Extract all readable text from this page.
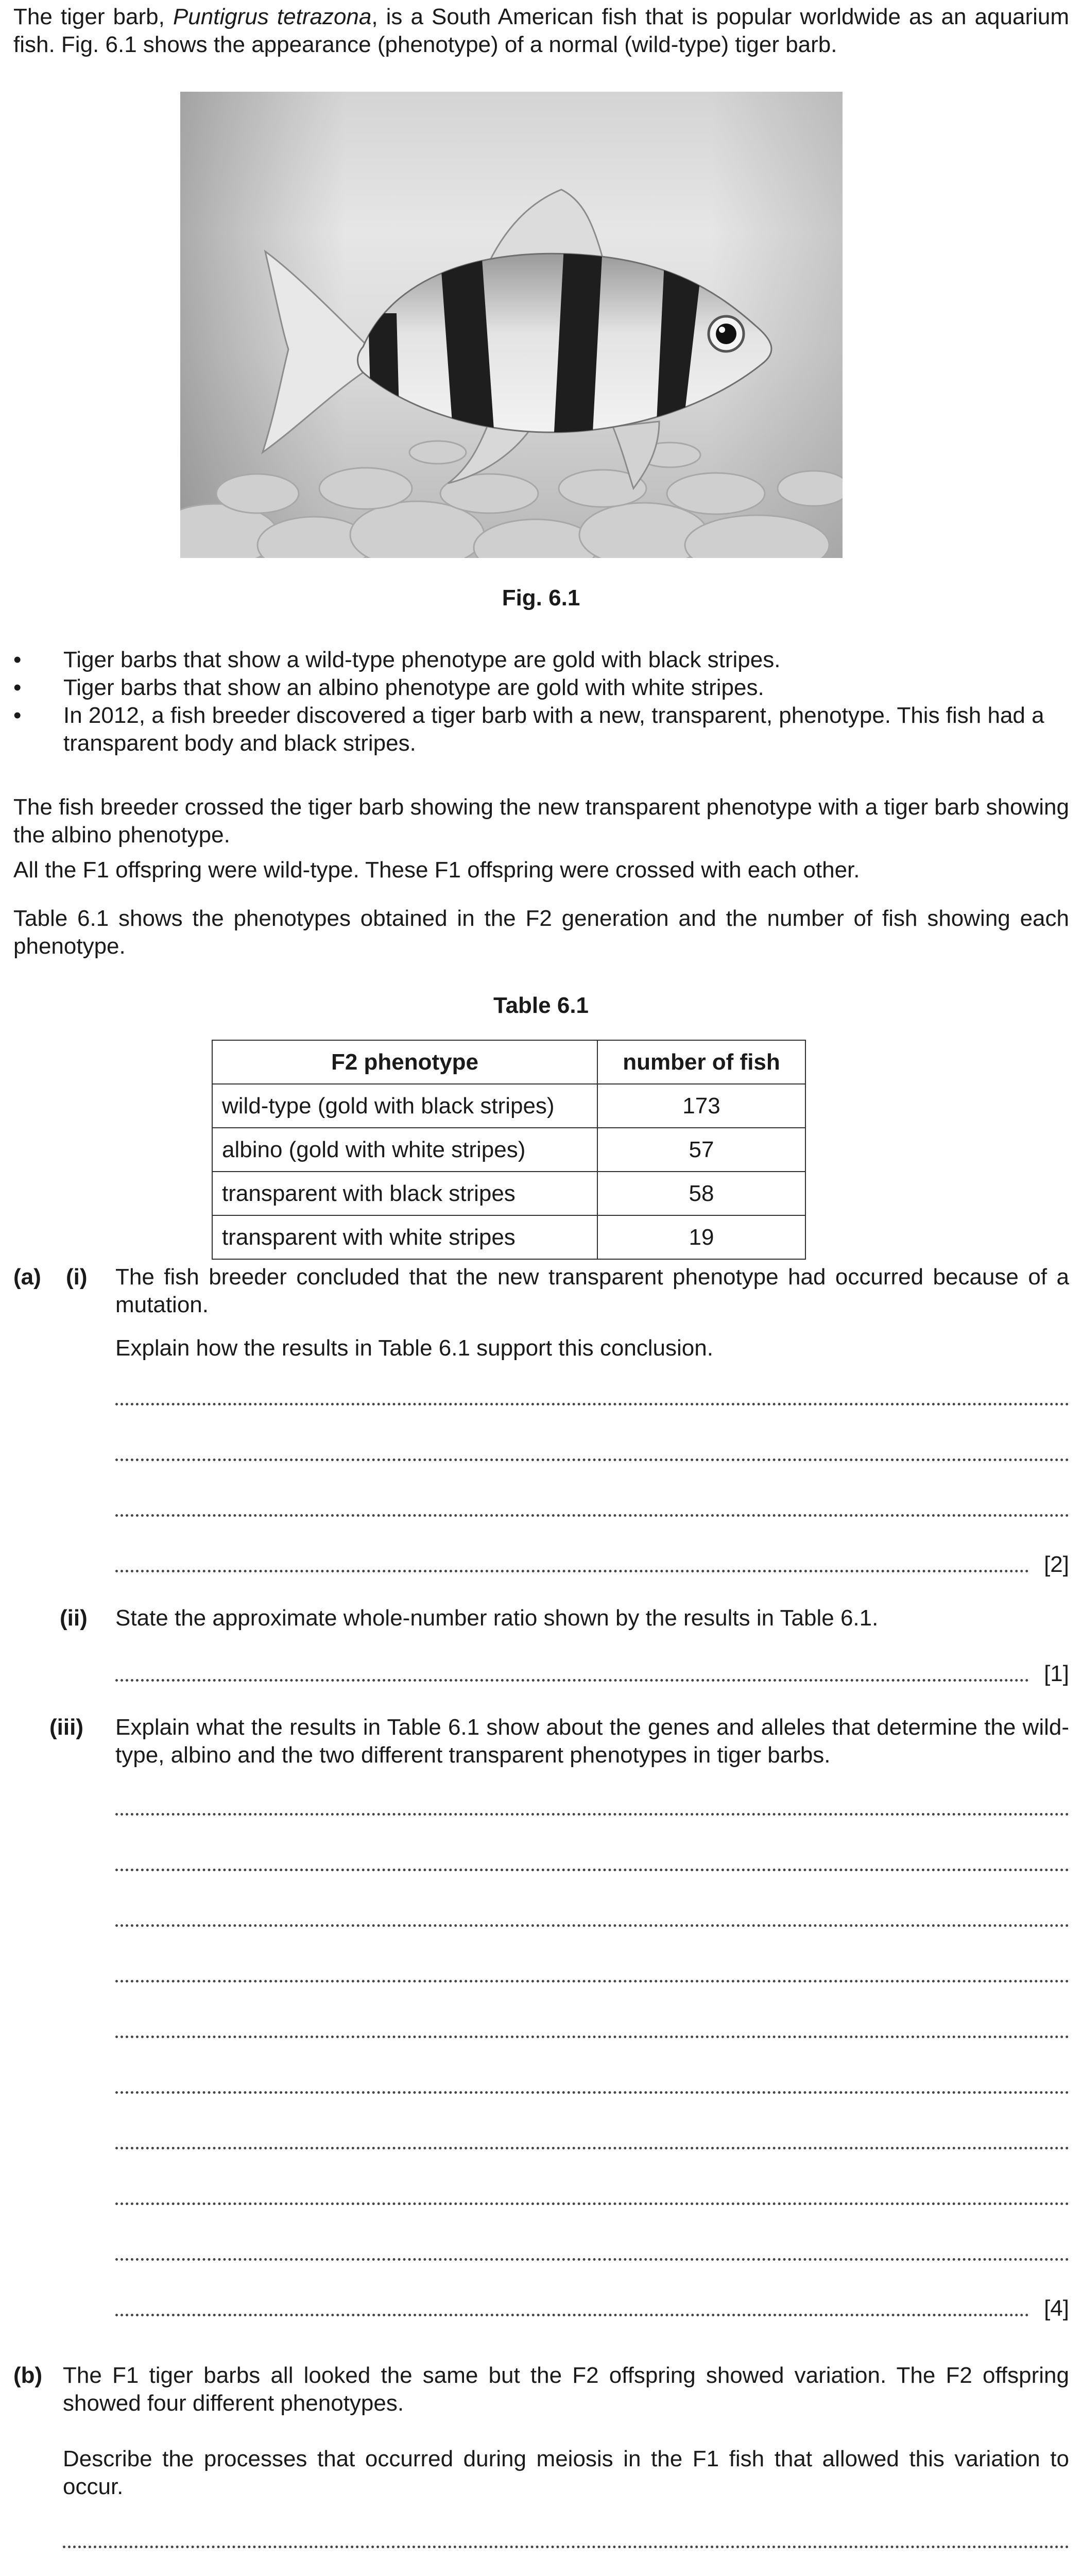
The tiger barb, Puntigrus tetrazona, is a South American fish that is popular worldwide as an aquarium fish. Fig. 6.1 shows the appearance (phenotype) of a normal (wild-type) tiger barb.

Fig. 6.1
• Tiger barbs that show a wild-type phenotype are gold with black stripes.
• Tiger barbs that show an albino phenotype are gold with white stripes.
• In 2012, a fish breeder discovered a tiger barb with a new, transparent, phenotype. This fish had a transparent body and black stripes.

The fish breeder crossed the tiger barb showing the new transparent phenotype with a tiger barb showing the albino phenotype.

All the F1 offspring were wild-type. These F1 offspring were crossed with each other.

Table 6.1 shows the phenotypes obtained in the F2 generation and the number of fish showing each phenotype.

Table 6.1
F2 phenotype	number of fish
wild-type (gold with black stripes)	173
albino (gold with white stripes)	57
transparent with black stripes	58
transparent with white stripes	19
(a) (i) The fish breeder concluded that the new transparent phenotype had occurred because of a mutation.

Explain how the results in Table 6.1 support this conclusion.

[2]
(ii) State the approximate whole-number ratio shown by the results in Table 6.1.

[1]
(iii) Explain what the results in Table 6.1 show about the genes and alleles that determine the wild-type, albino and the two different transparent phenotypes in tiger barbs.

[4]
(b) The F1 tiger barbs all looked the same but the F2 offspring showed variation. The F2 offspring showed four different phenotypes.

Describe the processes that occurred during meiosis in the F1 fish that allowed this variation to occur.
